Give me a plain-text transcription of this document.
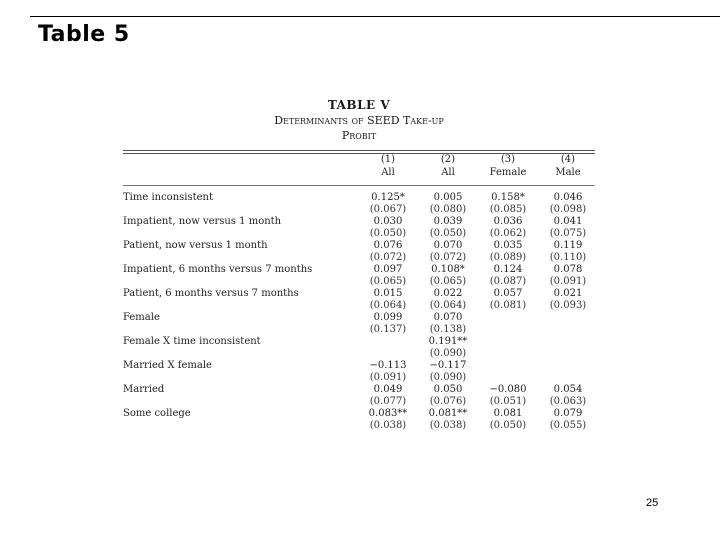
Table 5
TABLE V
Determinants of SEED Take-up
Probit
	(1)	(2)	(3)	(4)
	All	All	Female	Male
Time inconsistent	0.125*	0.005	0.158*	0.046
	(0.067)	(0.080)	(0.085)	(0.098)
Impatient, now versus 1 month	0.030	0.039	0.036	0.041
	(0.050)	(0.050)	(0.062)	(0.075)
Patient, now versus 1 month	0.076	0.070	0.035	0.119
	(0.072)	(0.072)	(0.089)	(0.110)
Impatient, 6 months versus 7 months	0.097	0.108*	0.124	0.078
	(0.065)	(0.065)	(0.087)	(0.091)
Patient, 6 months versus 7 months	0.015	0.022	0.057	0.021
	(0.064)	(0.064)	(0.081)	(0.093)
Female	0.099	0.070		
	(0.137)	(0.138)		
Female X time inconsistent		0.191**		
		(0.090)		
Married X female	−0.113	−0.117		
	(0.091)	(0.090)		
Married	0.049	0.050	−0.080	0.054
	(0.077)	(0.076)	(0.051)	(0.063)
Some college	0.083**	0.081**	0.081	0.079
	(0.038)	(0.038)	(0.050)	(0.055)
25
